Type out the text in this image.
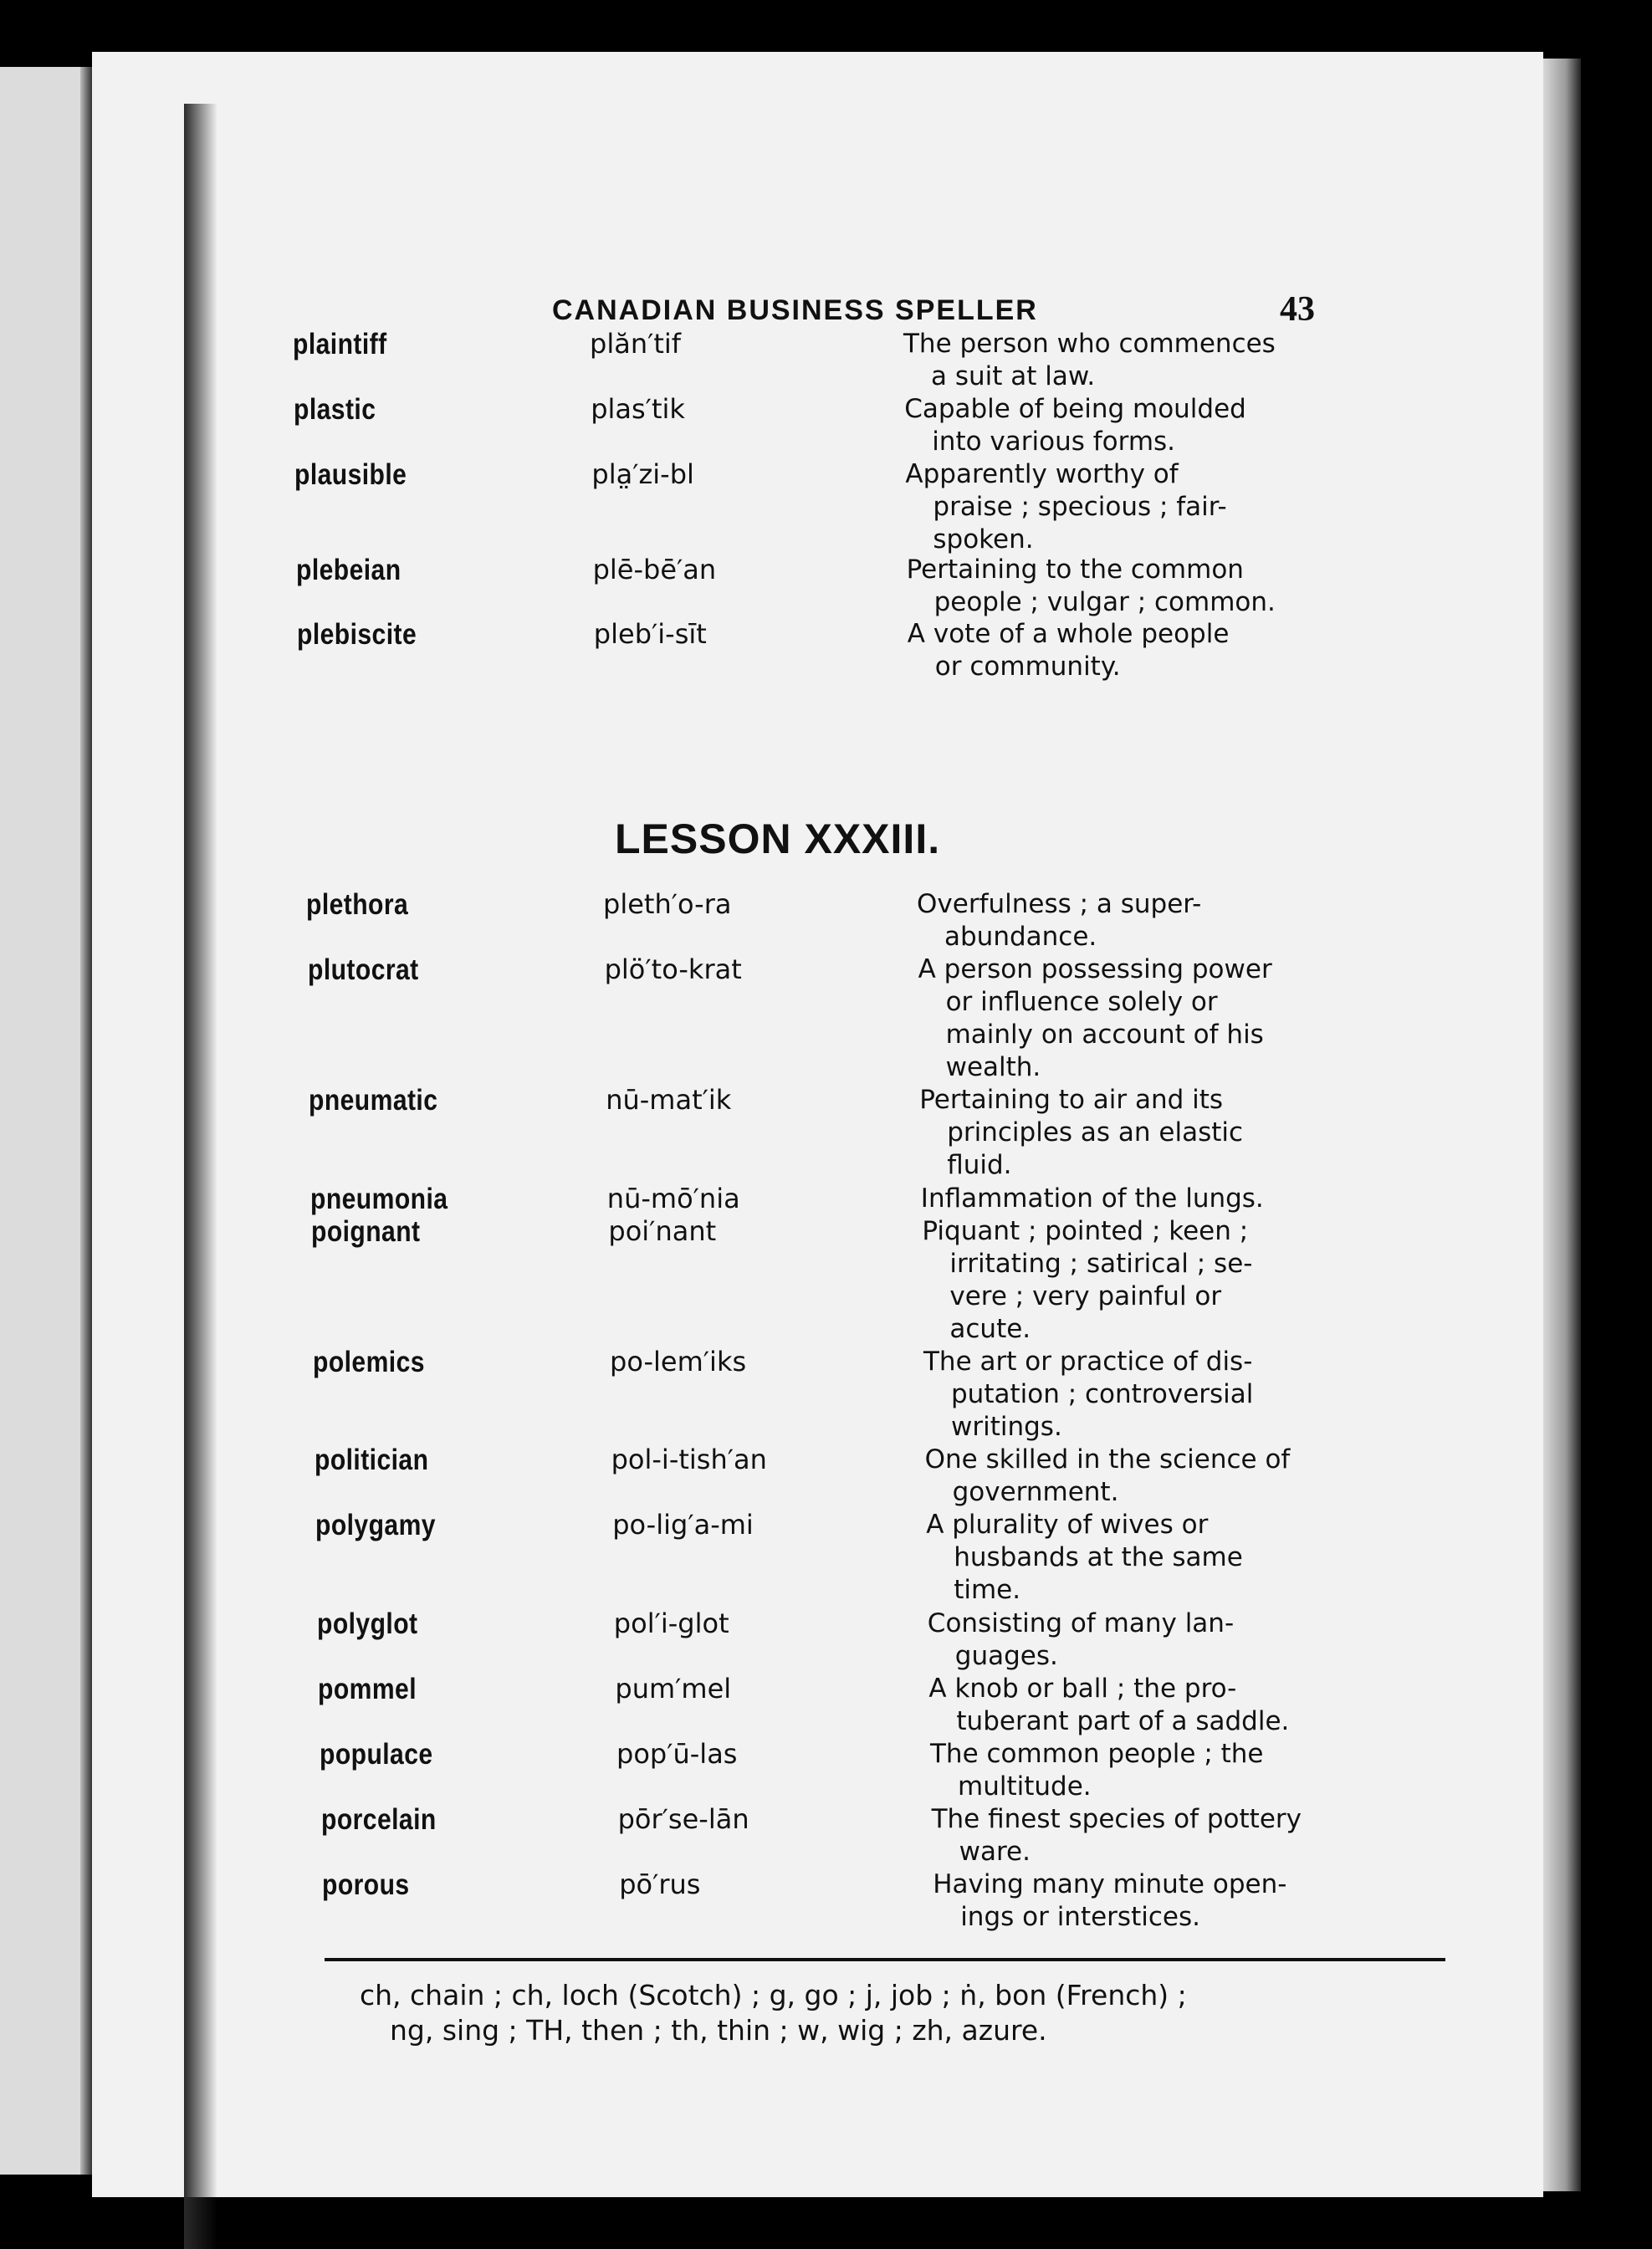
CANADIAN BUSINESS SPELLER	43
plaintiff	plăn′tif	The person who commences
a suit at law.
plastic	plas′tik	Capable of being moulded
into various forms.
plausible	pla̤′zi-bl	Apparently worthy of
praise ; specious ; fair-
spoken.
plebeian	plē-bē′an	Pertaining to the common
people ; vulgar ; common.
plebiscite	pleb′i-sīt	A vote of a whole people
or community.
LESSON XXXIII.
plethora	pleth′o-ra	Overfulness ; a super-
abundance.
plutocrat	plö′to-krat	A person possessing power
or influence solely or
mainly on account of his
wealth.
pneumatic	nū-mat′ik	Pertaining to air and its
principles as an elastic
fluid.
pneumonia	nū-mō′nia	Inflammation of the lungs.
poignant	poi′nant	Piquant ; pointed ; keen ;
irritating ; satirical ; se-
vere ; very painful or
acute.
polemics	po-lem′iks	The art or practice of dis-
putation ; controversial
writings.
politician	pol-i-tish′an	One skilled in the science of
government.
polygamy	po-lig′a-mi	A plurality of wives or
husbands at the same
time.
polyglot	pol′i-glot	Consisting of many lan-
guages.
pommel	pum′mel	A knob or ball ; the pro-
tuberant part of a saddle.
populace	pop′ū-las	The common people ; the
multitude.
porcelain	pōr′se-lān	The finest species of pottery
ware.
porous	pō′rus	Having many minute open-
ings or interstices.
ch, chain ; ch, loch (Scotch) ; g, go ; j, job ; ṅ, bon (French) ;
ng, sing ; TH, then ; th, thin ; w, wig ; zh, azure.
